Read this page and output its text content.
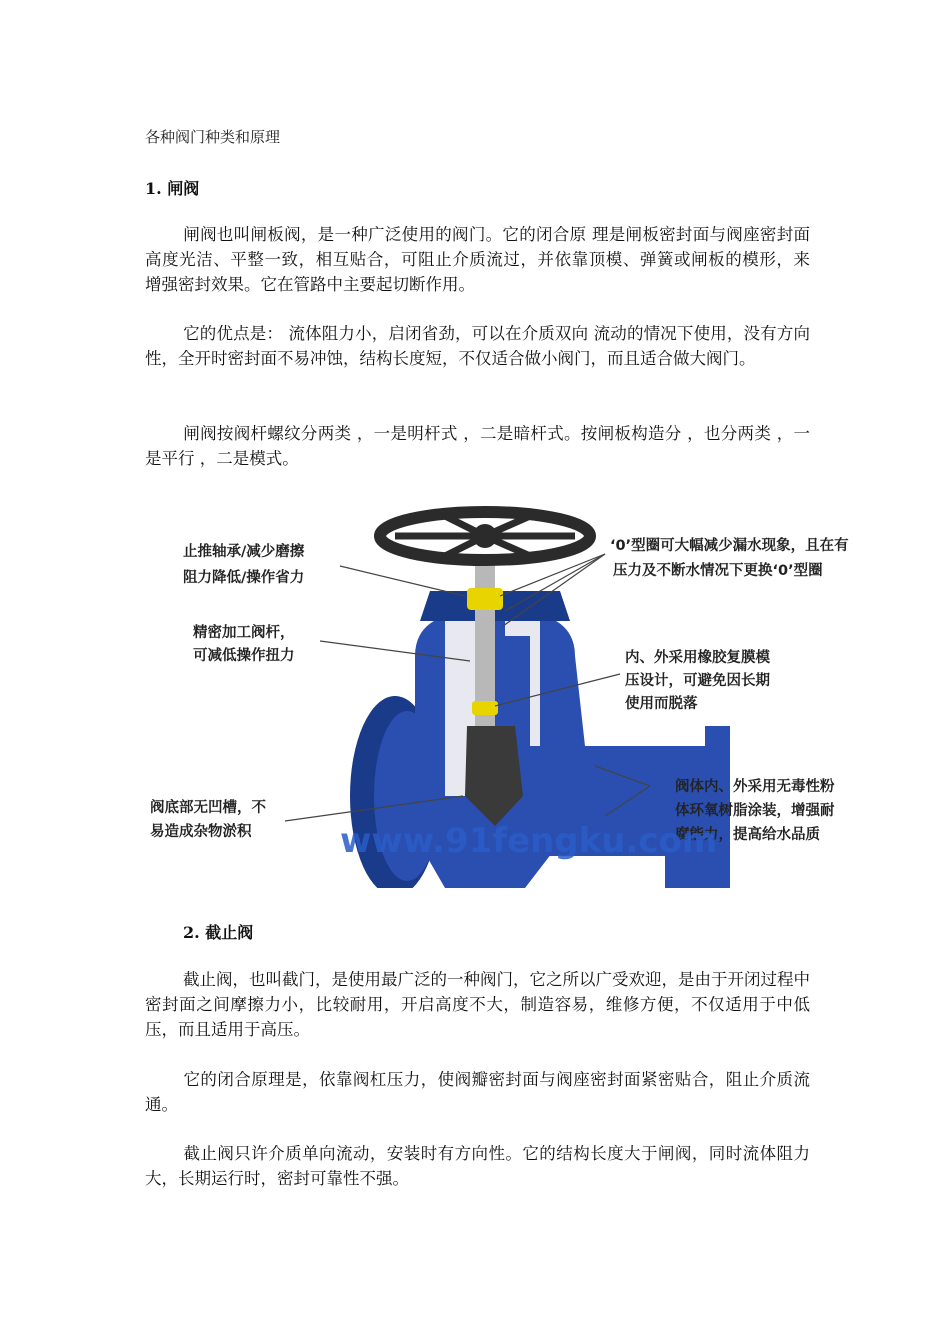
各种阀门种类和原理
1. 闸阀

闸阀也叫闸板阀，是一种广泛使用的阀门。它的闭合原 理是闸板密封面与阀座密封面高度光洁、平整一致，相互贴合，可阻止介质流过，并依靠顶模、弹簧或闸板的模形，来 增强密封效果。它在管路中主要起切断作用。

它的优点是： 流体阻力小，启闭省劲，可以在介质双向 流动的情况下使用，没有方向性，全开时密封面不易冲蚀，结构长度短，不仅适合做小阀门，而且适合做大阀门。

闸阀按阀杆螺纹分两类 ，一是明杆式 ，二是暗杆式。按闸板构造分 ，也分两类 ，一是平行 ，二是模式。

止推轴承/减少磨擦
阻力降低/操作省力
精密加工阀杆，
可减低操作扭力
‘0’型圈可大幅减少漏水现象，且在有
压力及不断水情况下更换‘0’型圈
内、外采用橡胶复膜模
压设计，可避免因长期
使用而脱落
阀底部无凹槽，不
易造成杂物淤积
阀体内、外采用无毒性粉
体环氧树脂涂装，增强耐
腐能力，提高给水品质
www.91fengku.com
2. 截止阀

截止阀，也叫截门，是使用最广泛的一种阀门，它之所以广受欢迎，是由于开闭过程中密封面之间摩擦力小，比较耐用，开启高度不大，制造容易，维修方便，不仅适用于中低压，而且适用于高压。

它的闭合原理是，依靠阀杠压力，使阀瓣密封面与阀座密封面紧密贴合，阻止介质流通。

截止阀只许介质单向流动，安装时有方向性。它的结构长度大于闸阀，同时流体阻力大，长期运行时，密封可靠性不强。
